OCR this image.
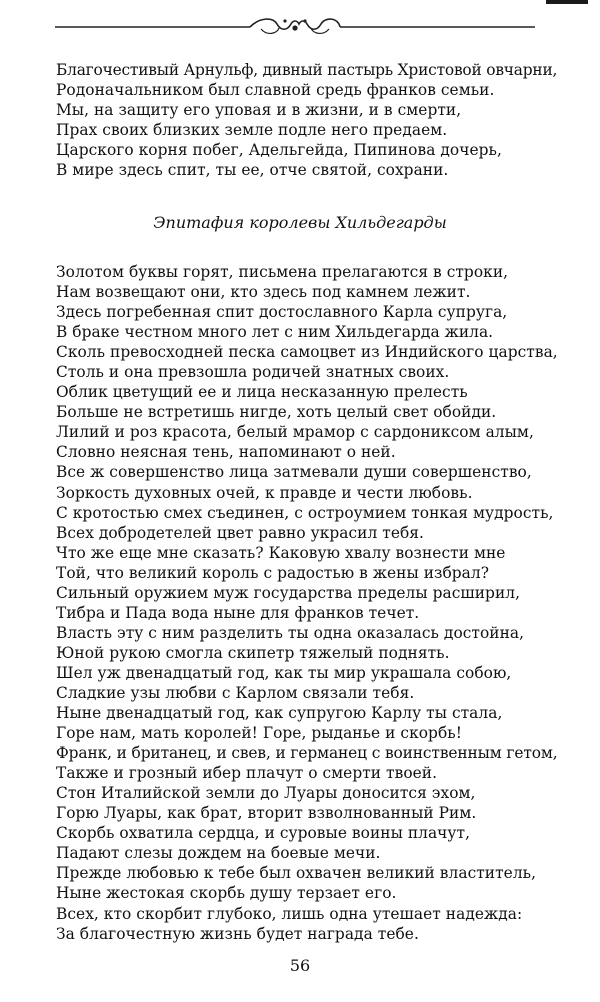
Благочестивый Арнульф, дивный пастырь Христовой овчарни,
Родоначальником был славной средь франков семьи.
Мы, на защиту его уповая и в жизни, и в смерти,
Прах своих близких земле подле него предаем.
Царского корня побег, Адельгейда, Пипинова дочерь,
В мире здесь спит, ты ее, отче святой, сохрани.
Эпитафия королевы Хильдегарды
Золотом буквы горят, письмена прелагаются в строки,
Нам возвещают они, кто здесь под камнем лежит.
Здесь погребенная спит достославного Карла супруга,
В браке честном много лет с ним Хильдегарда жила.
Сколь превосходней песка самоцвет из Индийского царства,
Столь и она превзошла родичей знатных своих.
Облик цветущий ее и лица несказанную прелесть
Больше не встретишь нигде, хоть целый свет обойди.
Лилий и роз красота, белый мрамор с сардониксом алым,
Словно неясная тень, напоминают о ней.
Все ж совершенство лица затмевали души совершенство,
Зоркость духовных очей, к правде и чести любовь.
С кротостью смех съединен, с остроумием тонкая мудрость,
Всех добродетелей цвет равно украсил тебя.
Что же еще мне сказать? Каковую хвалу вознести мне
Той, что великий король с радостью в жены избрал?
Сильный оружием муж государства пределы расширил,
Тибра и Пада вода ныне для франков течет.
Власть эту с ним разделить ты одна оказалась достойна,
Юной рукою смогла скипетр тяжелый поднять.
Шел уж двенадцатый год, как ты мир украшала собою,
Сладкие узы любви с Карлом связали тебя.
Ныне двенадцатый год, как супругою Карлу ты стала,
Горе нам, мать королей! Горе, рыданье и скорбь!
Франк, и британец, и свев, и германец с воинственным гетом,
Также и грозный ибер плачут о смерти твоей.
Стон Италийской земли до Луары доносится эхом,
Горю Луары, как брат, вторит взволнованный Рим.
Скорбь охватила сердца, и суровые воины плачут,
Падают слезы дождем на боевые мечи.
Прежде любовью к тебе был охвачен великий властитель,
Ныне жестокая скорбь душу терзает его.
Всех, кто скорбит глубоко, лишь одна утешает надежда:
За благочестную жизнь будет награда тебе.
56
